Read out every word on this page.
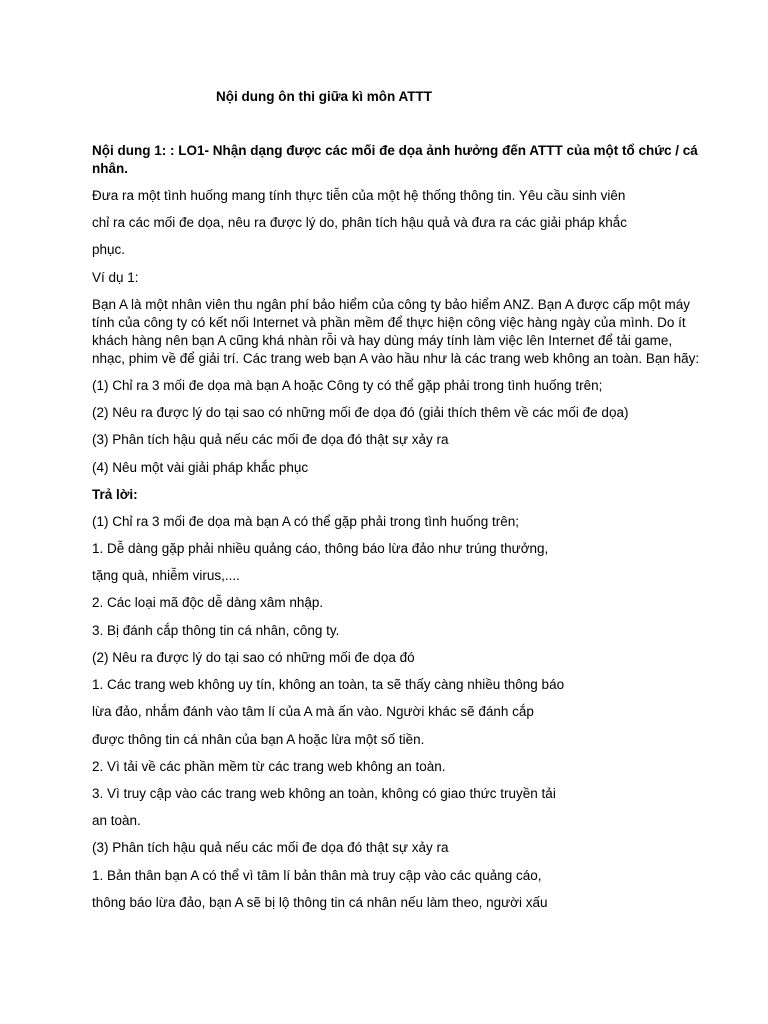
Nội dung ôn thi giữa kì môn ATTT
Nội dung 1: : LO1- Nhận dạng được các mối đe dọa ảnh hưởng đến ATTT của một tổ chức / cá
nhân.
Đưa ra một tình huống mang tính thực tiễn của một hệ thống thông tin. Yêu cầu sinh viên
chỉ ra các mối đe dọa, nêu ra được lý do, phân tích hậu quả và đưa ra các giải pháp khắc
phục.
Ví dụ 1:
Bạn A là một nhân viên thu ngân phí bảo hiểm của công ty bảo hiểm ANZ. Bạn A được cấp một máy
tính của công ty có kết nối Internet và phần mềm để thực hiện công việc hàng ngày của mình. Do ít
khách hàng nên bạn A cũng khá nhàn rỗi và hay dùng máy tính làm việc lên Internet để tải game,
nhạc, phim về để giải trí. Các trang web bạn A vào hầu như là các trang web không an toàn. Bạn hãy:
(1) Chỉ ra 3 mối đe dọa mà bạn A hoặc Công ty có thể gặp phải trong tình huống trên;
(2) Nêu ra được lý do tại sao có những mối đe dọa đó (giải thích thêm về các mối đe dọa)
(3) Phân tích hậu quả nếu các mối đe dọa đó thật sự xảy ra
(4) Nêu một vài giải pháp khắc phục
Trả lời:
(1) Chỉ ra 3 mối đe dọa mà bạn A có thể gặp phải trong tình huống trên;
1. Dễ dàng gặp phải nhiều quảng cáo, thông báo lừa đảo như trúng thưởng,
tặng quà, nhiễm virus,....
2. Các loại mã độc dễ dàng xâm nhập.
3. Bị đánh cắp thông tin cá nhân, công ty.
(2) Nêu ra được lý do tại sao có những mối đe dọa đó
1. Các trang web không uy tín, không an toàn, ta sẽ thấy càng nhiều thông báo
lừa đảo, nhắm đánh vào tâm lí của A mà ấn vào. Người khác sẽ đánh cắp
được thông tin cá nhân của bạn A hoặc lừa một số tiền.
2. Vì tải về các phần mềm từ các trang web không an toàn.
3. Vì truy cập vào các trang web không an toàn, không có giao thức truyền tải
an toàn.
(3) Phân tích hậu quả nếu các mối đe dọa đó thật sự xảy ra
1. Bản thân bạn A có thể vì tâm lí bản thân mà truy cập vào các quảng cáo,
thông báo lừa đảo, bạn A sẽ bị lộ thông tin cá nhân nếu làm theo, người xấu
